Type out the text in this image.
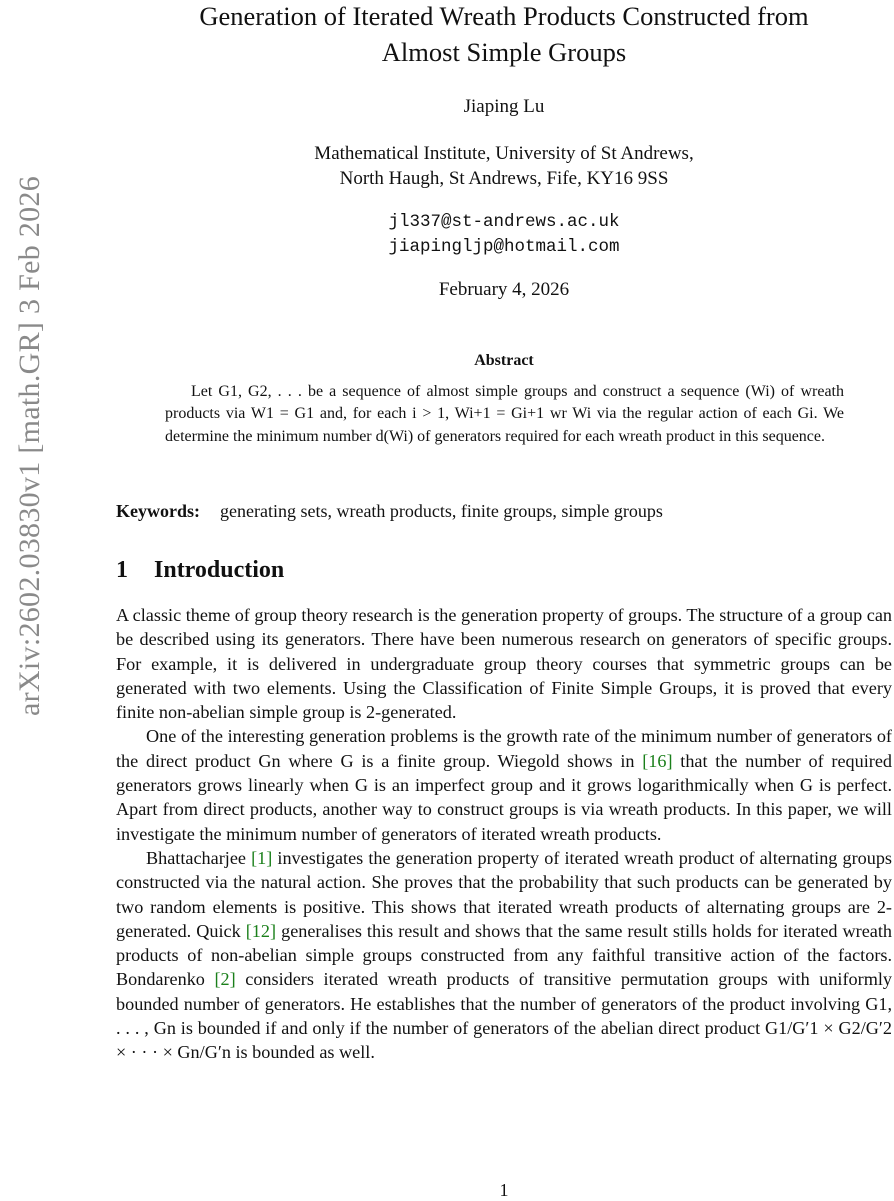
arXiv:2602.03830v1 [math.GR] 3 Feb 2026
Generation of Iterated Wreath Products Constructed from
Almost Simple Groups
Jiaping Lu
Mathematical Institute, University of St Andrews,
North Haugh, St Andrews, Fife, KY16 9SS
jl337@st-andrews.ac.uk
jiapingljp@hotmail.com
February 4, 2026
Abstract
Let G1, G2, . . . be a sequence of almost simple groups and construct a sequence (Wi) of wreath products via W1 = G1 and, for each i > 1, Wi+1 = Gi+1 wr Wi via the regular action of each Gi. We determine the minimum number d(Wi) of generators required for each wreath product in this sequence.
Keywords: generating sets, wreath products, finite groups, simple groups
1 Introduction

A classic theme of group theory research is the generation property of groups. The structure of a group can be described using its generators. There have been numerous research on generators of specific groups. For example, it is delivered in undergraduate group theory courses that symmetric groups can be generated with two elements. Using the Classification of Finite Simple Groups, it is proved that every finite non-abelian simple group is 2-generated.

One of the interesting generation problems is the growth rate of the minimum number of generators of the direct product Gn where G is a finite group. Wiegold shows in [16] that the number of required generators grows linearly when G is an imperfect group and it grows logarithmically when G is perfect. Apart from direct products, another way to construct groups is via wreath products. In this paper, we will investigate the minimum number of generators of iterated wreath products.

Bhattacharjee [1] investigates the generation property of iterated wreath product of alternating groups constructed via the natural action. She proves that the probability that such products can be generated by two random elements is positive. This shows that iterated wreath products of alternating groups are 2-generated. Quick [12] generalises this result and shows that the same result stills holds for iterated wreath products of non-abelian simple groups constructed from any faithful transitive action of the factors. Bondarenko [2] considers iterated wreath products of transitive permutation groups with uniformly bounded number of generators. He establishes that the number of generators of the product involving G1, . . . , Gn is bounded if and only if the number of generators of the abelian direct product G1/G′1 × G2/G′2 × · · · × Gn/G′n is bounded as well.

1
